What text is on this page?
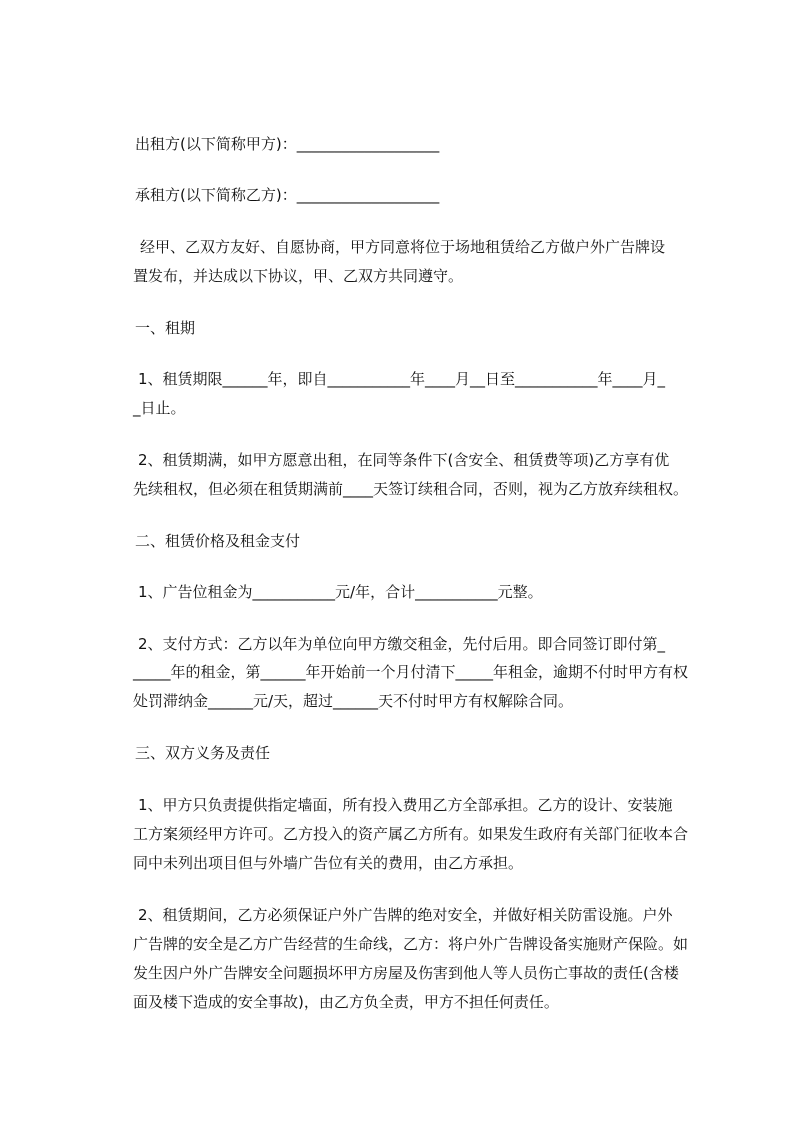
出租方(以下简称甲方)：___________________

承租方(以下简称乙方)：___________________

经甲、乙双方友好、自愿协商，甲方同意将位于场地租赁给乙方做户外广告牌设

置发布，并达成以下协议，甲、乙双方共同遵守。

一、租期

1、租赁期限______年，即自___________年____月__日至___________年____月_

_日止。

2、租赁期满，如甲方愿意出租，在同等条件下(含安全、租赁费等项)乙方享有优

先续租权，但必须在租赁期满前____天签订续租合同，否则，视为乙方放弃续租权。

二、租赁价格及租金支付

1、广告位租金为___________元/年，合计___________元整。

2、支付方式：乙方以年为单位向甲方缴交租金，先付后用。即合同签订即付第_

_____年的租金，第______年开始前一个月付清下_____年租金，逾期不付时甲方有权

处罚滞纳金______元/天，超过______天不付时甲方有权解除合同。

三、双方义务及责任

1、甲方只负责提供指定墙面，所有投入费用乙方全部承担。乙方的设计、安装施

工方案须经甲方许可。乙方投入的资产属乙方所有。如果发生政府有关部门征收本合

同中未列出项目但与外墙广告位有关的费用，由乙方承担。

2、租赁期间，乙方必须保证户外广告牌的绝对安全，并做好相关防雷设施。户外

广告牌的安全是乙方广告经营的生命线，乙方：将户外广告牌设备实施财产保险。如

发生因户外广告牌安全问题损坏甲方房屋及伤害到他人等人员伤亡事故的责任(含楼

面及楼下造成的安全事故)，由乙方负全责，甲方不担任何责任。
